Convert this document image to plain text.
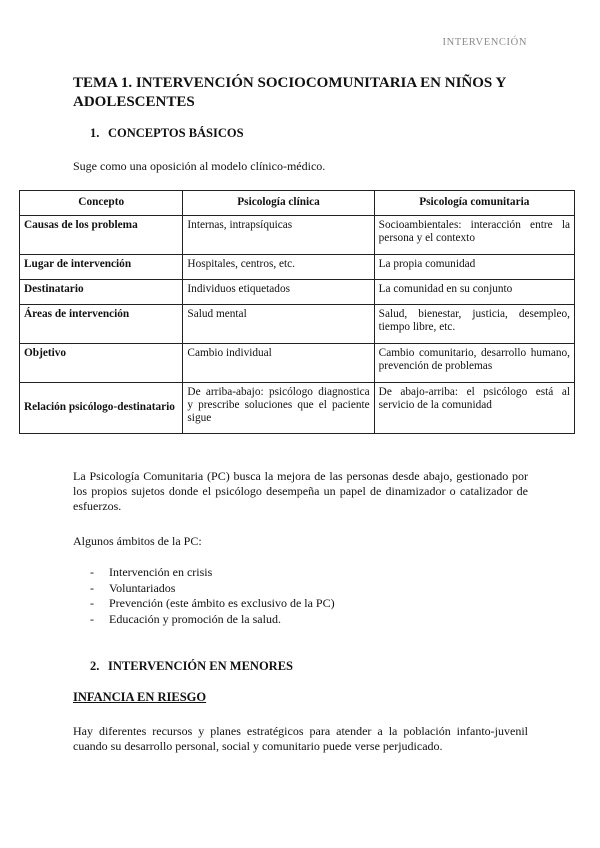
INTERVENCIÓN
TEMA 1. INTERVENCIÓN SOCIOCOMUNITARIA EN NIÑOS Y ADOLESCENTES
1. CONCEPTOS BÁSICOS

Suge como una oposición al modelo clínico-médico.

Concepto	Psicología clínica	Psicología comunitaria
Causas de los problema	Internas, intrapsíquicas	Socioambientales: interacción entre la persona y el contexto
Lugar de intervención	Hospitales, centros, etc.	La propia comunidad
Destinatario	Individuos etiquetados	La comunidad en su conjunto
Áreas de intervención	Salud mental	Salud, bienestar, justicia, desempleo, tiempo libre, etc.
Objetivo	Cambio individual	Cambio comunitario, desarrollo humano, prevención de problemas
Relación psicólogo-destinatario	De arriba-abajo: psicólogo diagnostica y prescribe soluciones que el paciente sigue	De abajo-arriba: el psicólogo está al servicio de la comunidad

La Psicología Comunitaria (PC) busca la mejora de las personas desde abajo, gestionado por los propios sujetos donde el psicólogo desempeña un papel de dinamizador o catalizador de esfuerzos.

Algunos ámbitos de la PC:

- Intervención en crisis
- Voluntariados
- Prevención (este ámbito es exclusivo de la PC)
- Educación y promoción de la salud.
2. INTERVENCIÓN EN MENORES
INFANCIA EN RIESGO

Hay diferentes recursos y planes estratégicos para atender a la población infanto-juvenil cuando su desarrollo personal, social y comunitario puede verse perjudicado.
